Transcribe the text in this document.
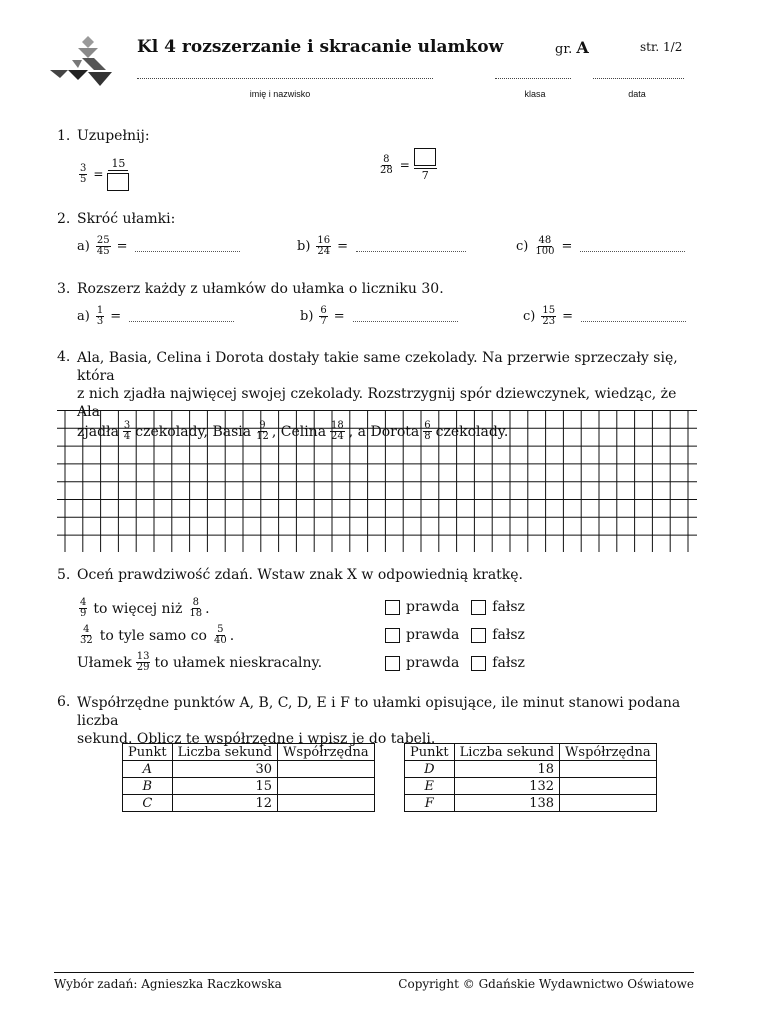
Kl 4 rozszerzanie i skracanie ulamkow	gr. A	str. 1/2
imię i nazwisko	klasa	data
1. Uzupełnij:
$\frac{3}{5}$ =
15	$\frac{8}{28}$ =
7
2. Skróć ułamki:
$a) \frac{25}{45}$ =	$b) \frac{16}{24}$ =	$c) \frac{48}{100}$ =
3. Rozszerz każdy z ułamków do ułamka o liczniku 30.
$a) \frac{1}{3}$ =	$b) \frac{6}{7}$ =	$c) \frac{15}{23}$ =
4. Ala, Basia, Celina i Dorota dostały takie same czekolady. Na przerwie sprzeczały się, która
z nich zjadła najwięcej swojej czekolady. Rozstrzygnij spór dziewczynek, wiedząc, że Ala
zjadła $\frac{3}{4}$ czekolady, Basia $\frac{9}{12}$ , Celina $\frac{18}{24}$ , a Dorota $\frac{6}{8}$ czekolady.
5. Oceń prawdziwość zdań. Wstaw znak X w odpowiednią kratkę.
$\frac{4}{9}$ to więcej niż $\frac{8}{18}$ .
$\frac{4}{32}$ to tyle samo co $\frac{5}{40}$ .
Ułamek $\frac{13}{29}$ to ułamek nieskracalny.
prawda fałsz
prawda fałsz
prawda fałsz
6. Współrzędne punktów A, B, C, D, E i F to ułamki opisujące, ile minut stanowi podana liczba
sekund. Oblicz te współrzędne i wpisz je do tabeli.
Punkt	Liczba sekund	Współrzędna
A	30	
B	15	
C	12	
Punkt	Liczba sekund	Współrzędna
D	18	
E	132	
F	138	
Wybór zadań: Agnieszka Raczkowska	Copyright © Gdańskie Wydawnictwo Oświatowe
